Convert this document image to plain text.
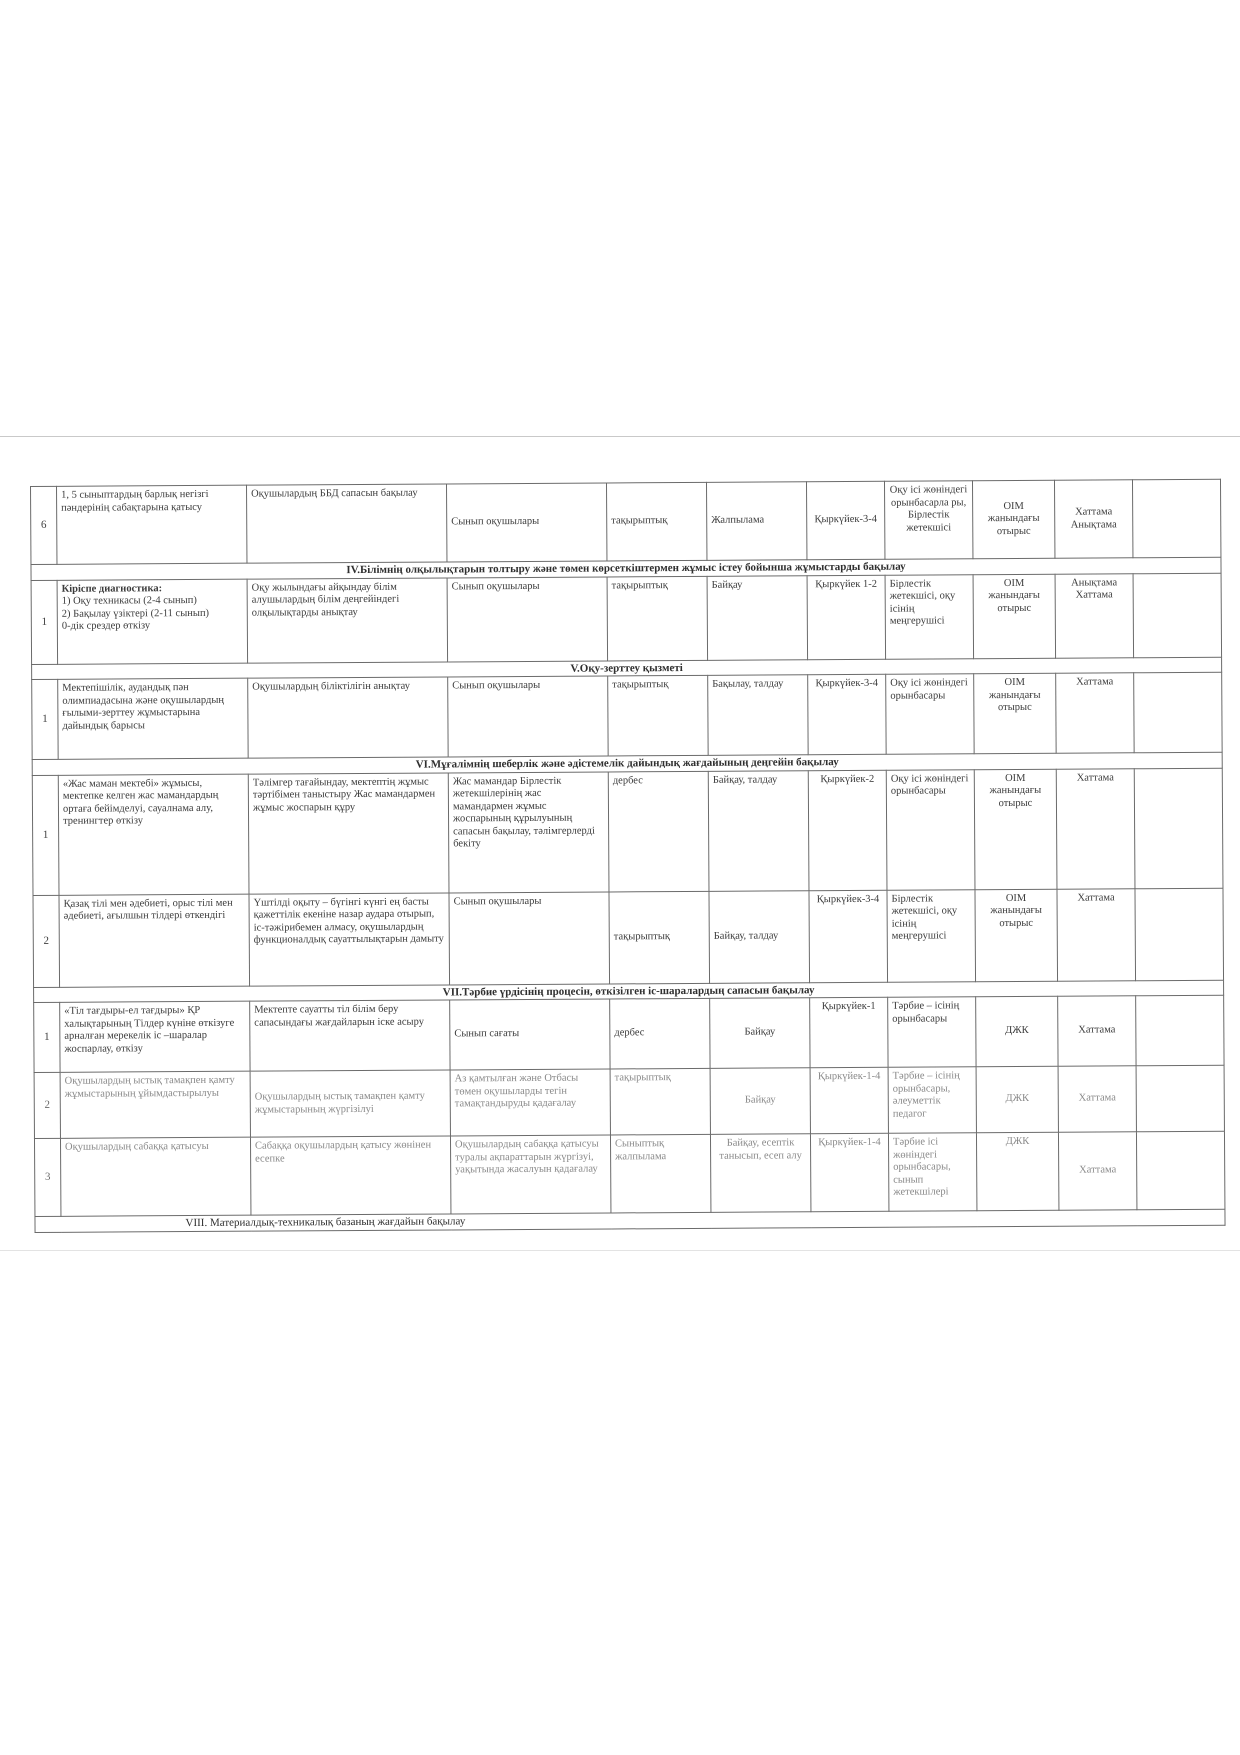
6	1, 5 сыныптардың барлық негізгі пәндерінің сабақтарына қатысу	Оқушылардың ББД сапасын бақылау	Сынып оқушылары	тақырыптық	Жалпылама	Қыркүйек-3-4	Оқу ісі жөніндегі орынбасарла ры, Бірлестік жетекшісі	ОІМ жанындағы отырыс	Хаттама Анықтама	
IV.Білімнің олқылықтарын толтыру және төмен көрсеткіштермен жұмыс істеу бойынша жұмыстарды бақылау										
1	Кіріспе диагностика:
1) Оқу техникасы (2-4 сынып)
2) Бақылау үзіктері (2-11 сынып)
0-дік срездер өткізу	Оқу жылындағы айқындау білім алушылардың білім деңгейіндегі олқылықтарды анықтау	Сынып оқушылары	тақырыптық	Байқау	Қыркүйек 1-2	Бірлестік жетекшісі, оқу ісінің меңгерушісі	ОІМ жанындағы отырыс	Анықтама Хаттама	
V.Оқу-зерттеу қызметі										
1	Мектепішілік, аудандық пән олимпиадасына және оқушылардың ғылыми-зерттеу жұмыстарына дайындық барысы	Оқушылардың біліктілігін анықтау	Сынып оқушылары	тақырыптық	Бақылау, талдау	Қыркүйек-3-4	Оқу ісі жөніндегі орынбасары	ОІМ жанындағы отырыс	Хаттама	
VI.Мұғалімнің шеберлік және әдістемелік дайындық жағдайының деңгейін бақылау										
1	«Жас маман мектебі» жұмысы, мектепке келген жас мамандардың ортаға бейімделуі, сауалнама алу, тренингтер өткізу	Тәлімгер тағайындау, мектептің жұмыс тәртібімен таныстыру Жас мамандармен жұмыс жоспарын құру	Жас мамандар Бірлестік жетекшілерінің жас мамандармен жұмыс жоспарының құрылуының сапасын бақылау, тәлімгерлерді бекіту	дербес	Байқау, талдау	Қыркүйек-2	Оқу ісі жөніндегі орынбасары	ОІМ жанындағы отырыс	Хаттама	
2	Қазақ тілі мен әдебиеті, орыс тілі мен әдебиеті, ағылшын тілдері өткендігі	Үштілді оқыту – бүгінгі күнгі ең басты қажеттілік екеніне назар аудара отырып, іс-тәжірибемен алмасу, оқушылардың функционалдық сауаттылықтарын дамыту	Сынып оқушылары	тақырыптық	Байқау, талдау	Қыркүйек-3-4	Бірлестік жетекшісі, оқу ісінің меңгерушісі	ОІМ жанындағы отырыс	Хаттама	
VII.Тәрбие үрдісінің процесін, өткізілген іс-шаралардың сапасын бақылау										
1	«Тіл тағдыры-ел тағдыры» ҚР халықтарының Тілдер күніне өткізуге арналған мерекелік іс –шаралар жоспарлау, өткізу	Мектепте сауатты тіл білім беру сапасындағы жағдайларын іске асыру	Сынып сағаты	дербес	Байқау	Қыркүйек-1	Тәрбие – ісінің орынбасары	ДЖК	Хаттама	
2	Оқушылардың ыстық тамақпен қамту жұмыстарының ұйымдастырылуы	Оқушылардың ыстық тамақпен қамту жұмыстарының жүргізілуі	Аз қамтылған және Отбасы төмен оқушыларды тегін тамақтандыруды қадағалау	тақырыптық	Байқау	Қыркүйек-1-4	Тәрбие – ісінің орынбасары, әлеуметтік педагог	ДЖК	Хаттама	
3	Оқушылардың сабаққа қатысуы	Сабаққа оқушылардың қатысу жөнінен есепке	Оқушылардың сабаққа қатысуы туралы ақпараттарын жүргізуі, уақытында жасалуын қадағалау	Сыныптық жалпылама	Байқау, есептік танысып, есеп алу	Қыркүйек-1-4	Тәрбие ісі жөніндегі орынбасары, сынып жетекшілері	ДЖК	Хаттама	
VIII. Материалдық-техникалық базаның жағдайын бақылау										
